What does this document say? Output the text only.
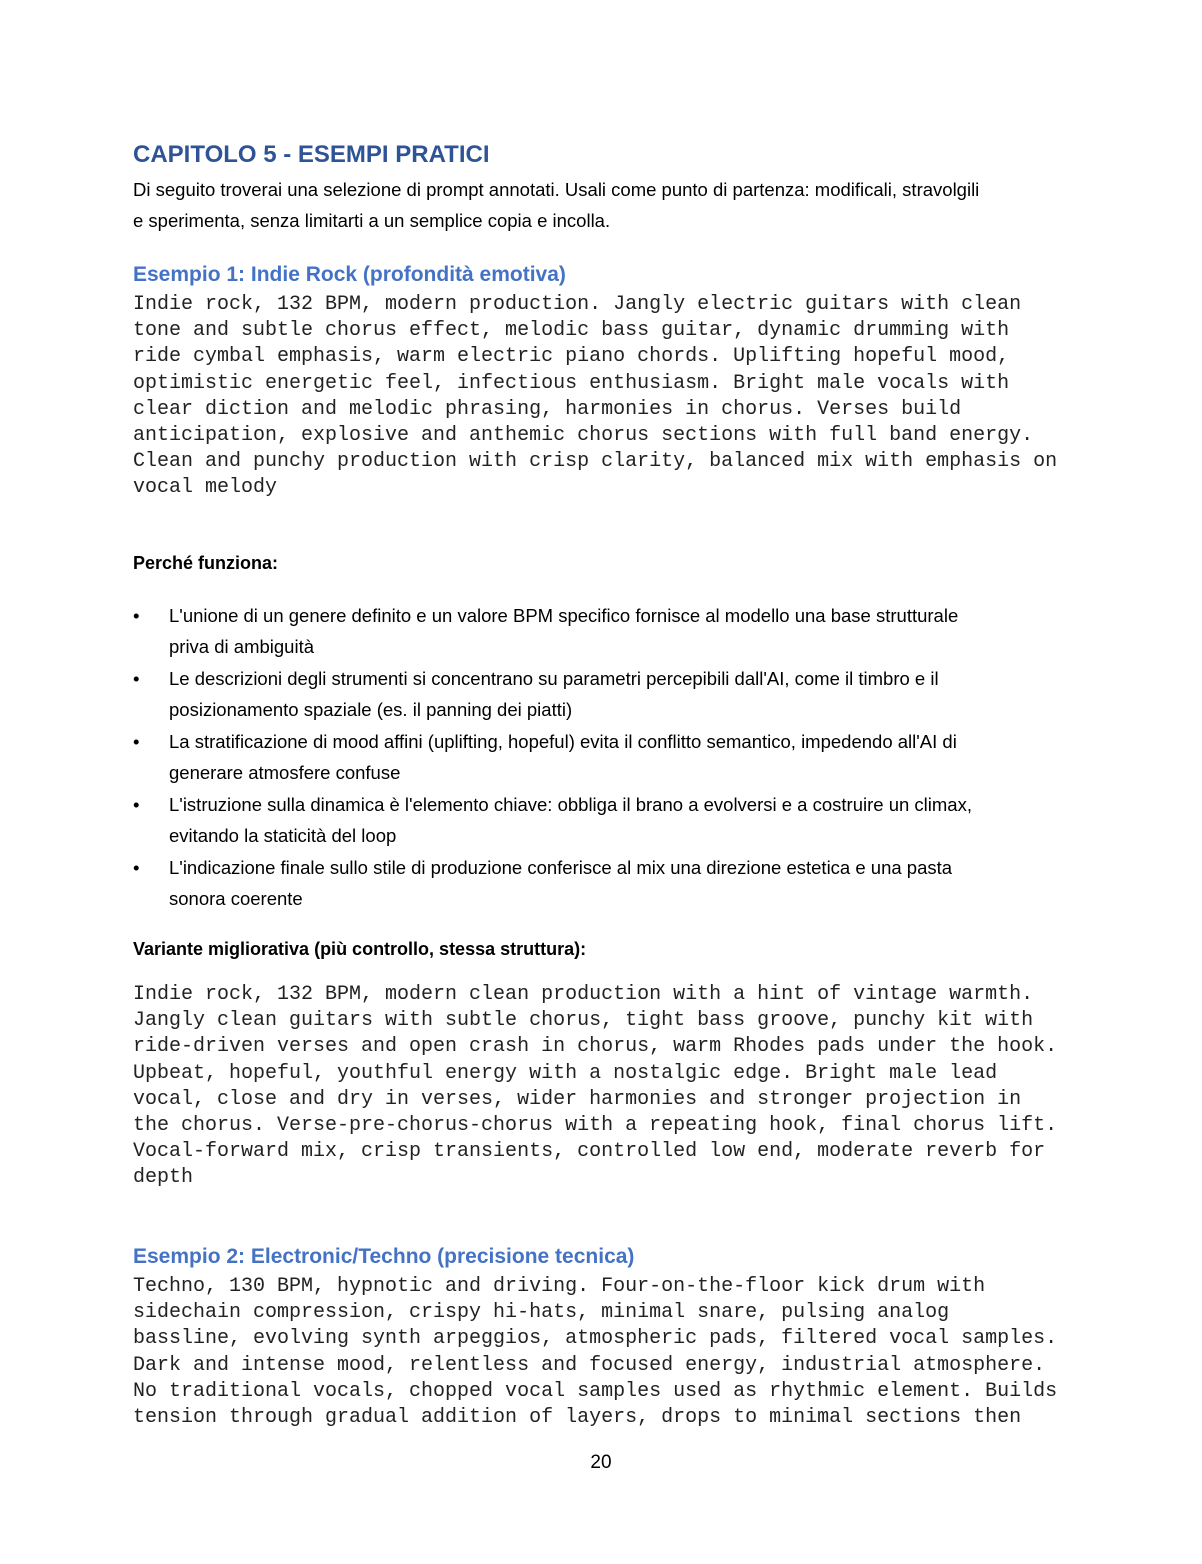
CAPITOLO 5 - ESEMPI PRATICI
Di seguito troverai una selezione di prompt annotati. Usali come punto di partenza: modificali, stravolgili
e sperimenta, senza limitarti a un semplice copia e incolla.
Esempio 1: Indie Rock (profondità emotiva)
Indie rock, 132 BPM, modern production. Jangly electric guitars with clean
tone and subtle chorus effect, melodic bass guitar, dynamic drumming with
ride cymbal emphasis, warm electric piano chords. Uplifting hopeful mood,
optimistic energetic feel, infectious enthusiasm. Bright male vocals with
clear diction and melodic phrasing, harmonies in chorus. Verses build
anticipation, explosive and anthemic chorus sections with full band energy.
Clean and punchy production with crisp clarity, balanced mix with emphasis on
vocal melody
Perché funziona:
• L'unione di un genere definito e un valore BPM specifico fornisce al modello una base strutturale
priva di ambiguità
• Le descrizioni degli strumenti si concentrano su parametri percepibili dall'AI, come il timbro e il
posizionamento spaziale (es. il panning dei piatti)
• La stratificazione di mood affini (uplifting, hopeful) evita il conflitto semantico, impedendo all'AI di
generare atmosfere confuse
• L'istruzione sulla dinamica è l'elemento chiave: obbliga il brano a evolversi e a costruire un climax,
evitando la staticità del loop
• L'indicazione finale sullo stile di produzione conferisce al mix una direzione estetica e una pasta
sonora coerente
Variante migliorativa (più controllo, stessa struttura):
Indie rock, 132 BPM, modern clean production with a hint of vintage warmth.
Jangly clean guitars with subtle chorus, tight bass groove, punchy kit with
ride-driven verses and open crash in chorus, warm Rhodes pads under the hook.
Upbeat, hopeful, youthful energy with a nostalgic edge. Bright male lead
vocal, close and dry in verses, wider harmonies and stronger projection in
the chorus. Verse-pre-chorus-chorus with a repeating hook, final chorus lift.
Vocal-forward mix, crisp transients, controlled low end, moderate reverb for
depth
Esempio 2: Electronic/Techno (precisione tecnica)
Techno, 130 BPM, hypnotic and driving. Four-on-the-floor kick drum with
sidechain compression, crispy hi-hats, minimal snare, pulsing analog
bassline, evolving synth arpeggios, atmospheric pads, filtered vocal samples.
Dark and intense mood, relentless and focused energy, industrial atmosphere.
No traditional vocals, chopped vocal samples used as rhythmic element. Builds
tension through gradual addition of layers, drops to minimal sections then
20
